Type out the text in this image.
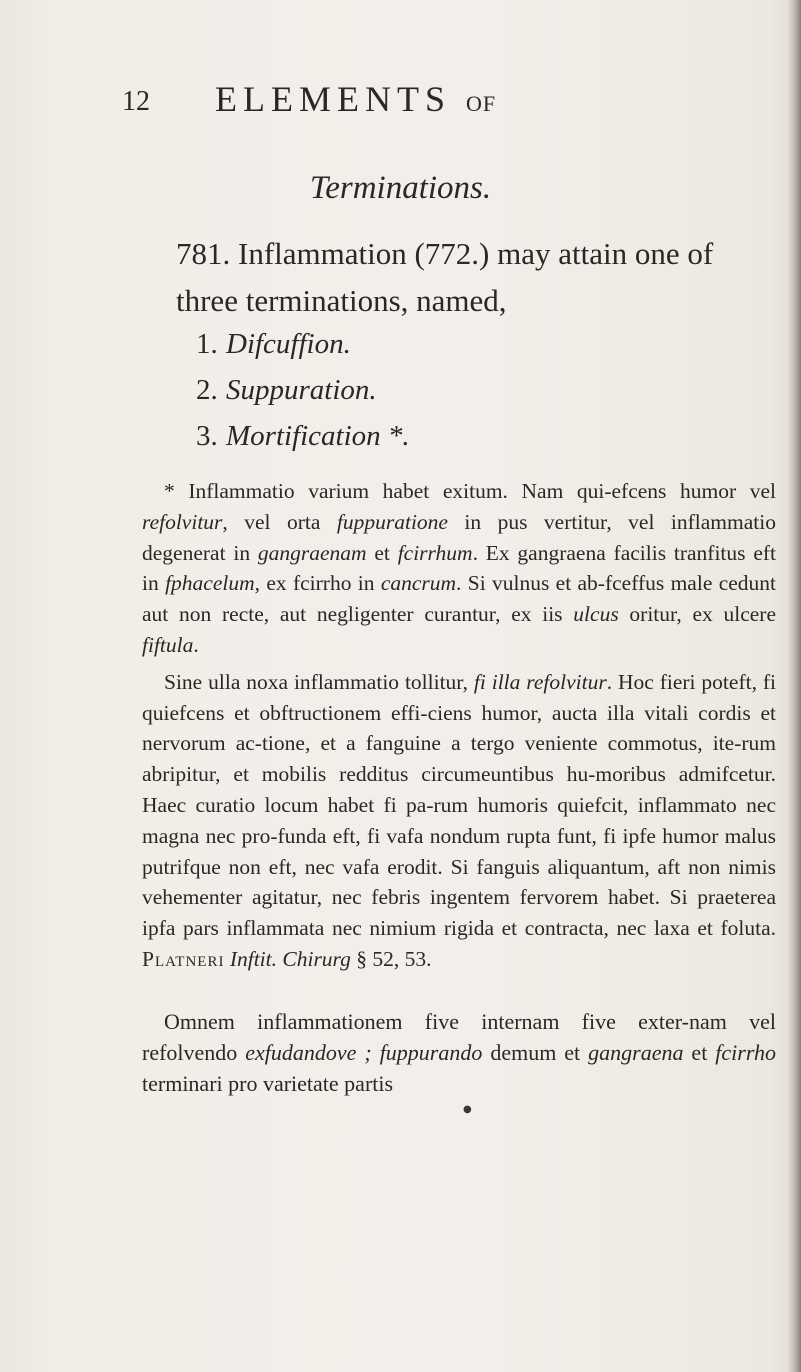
12 ELEMENTS OF
Terminations.
781. Inflammation (772.) may attain one of three terminations, named,
1. Difcuffion.
2. Suppuration.
3. Mortification *.

* Inflammatio varium habet exitum. Nam qui-efcens humor vel refolvitur, vel orta fuppuratione in pus vertitur, vel inflammatio degenerat in gangraenam et fcirrhum. Ex gangraena facilis tranfitus eft in fphacelum, ex fcirrho in cancrum. Si vulnus et ab-fceffus male cedunt aut non recte, aut negligenter curantur, ex iis ulcus oritur, ex ulcere fiftula.

Sine ulla noxa inflammatio tollitur, fi illa refolvitur. Hoc fieri poteft, fi quiefcens et obftructionem effi-ciens humor, aucta illa vitali cordis et nervorum ac-tione, et a fanguine a tergo veniente commotus, ite-rum abripitur, et mobilis redditus circumeuntibus hu-moribus admifcetur. Haec curatio locum habet fi pa-rum humoris quiefcit, inflammato nec magna nec pro-funda eft, fi vafa nondum rupta funt, fi ipfe humor malus putrifque non eft, nec vafa erodit. Si fanguis aliquantum, aft non nimis vehementer agitatur, nec febris ingentem fervorem habet. Si praeterea ipfa pars inflammata nec nimium rigida et contracta, nec laxa et foluta. Platneri Inftit. Chirurg § 52, 53.

Omnem inflammationem five internam five exter-nam vel refolvendo exfudandove ; fuppurando demum et gangraena et fcirrho terminari pro varietate partis

●
